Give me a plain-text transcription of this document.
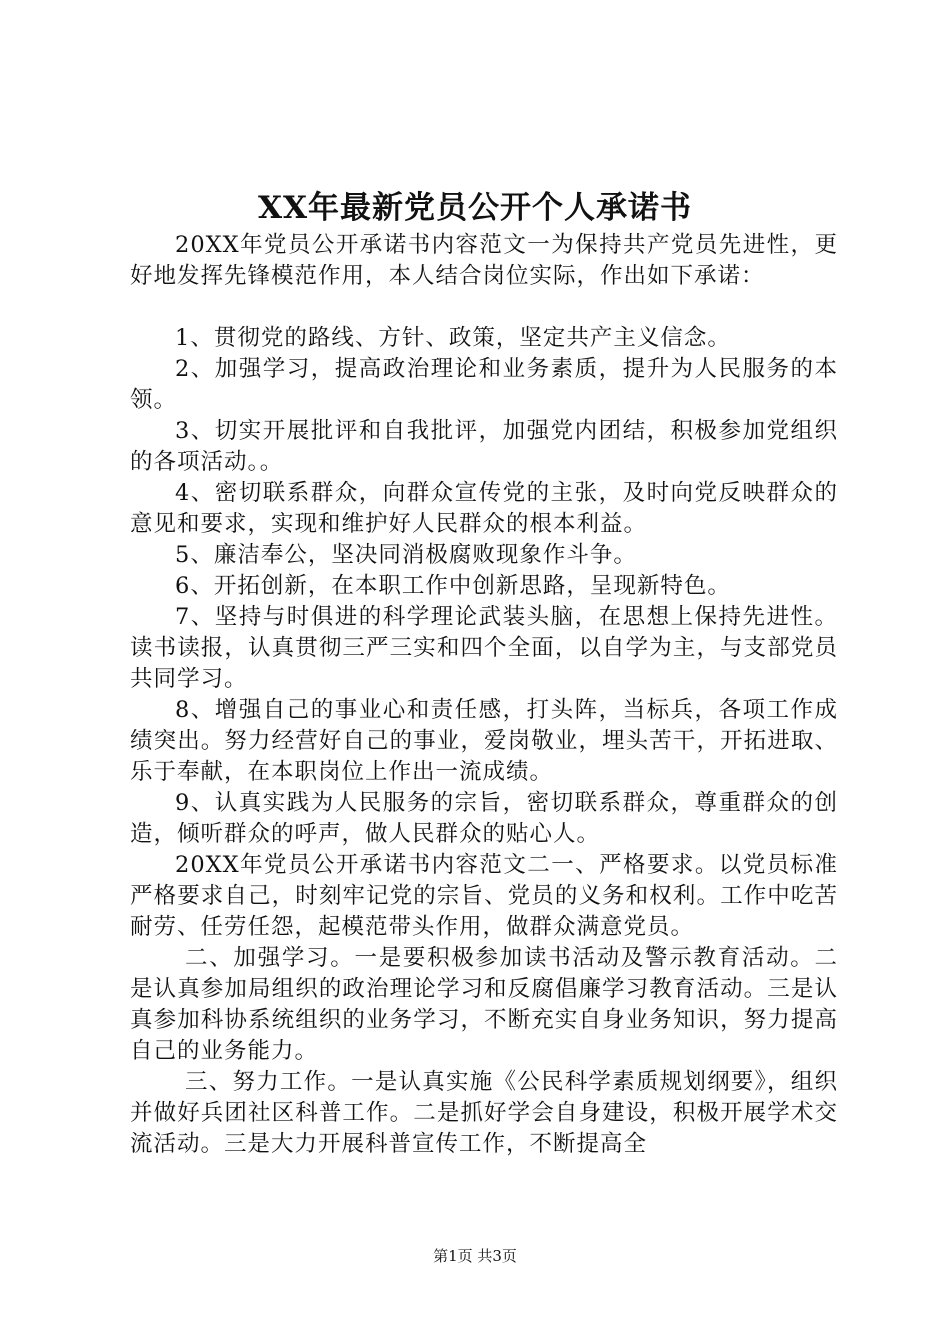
XX年最新党员公开个人承诺书

20XX年党员公开承诺书内容范文一为保持共产党员先进性，更好地发挥先锋模范作用，本人结合岗位实际，作出如下承诺：

1、贯彻党的路线、方针、政策，坚定共产主义信念。

2、加强学习，提高政治理论和业务素质，提升为人民服务的本领。

3、切实开展批评和自我批评，加强党内团结，积极参加党组织的各项活动。。

4、密切联系群众，向群众宣传党的主张，及时向党反映群众的意见和要求，实现和维护好人民群众的根本利益。

5、廉洁奉公，坚决同消极腐败现象作斗争。

6、开拓创新，在本职工作中创新思路，呈现新特色。

7、坚持与时俱进的科学理论武装头脑，在思想上保持先进性。读书读报，认真贯彻三严三实和四个全面，以自学为主，与支部党员共同学习。

8、增强自己的事业心和责任感，打头阵，当标兵，各项工作成绩突出。努力经营好自己的事业，爱岗敬业，埋头苦干，开拓进取、乐于奉献，在本职岗位上作出一流成绩。

9、认真实践为人民服务的宗旨，密切联系群众，尊重群众的创造，倾听群众的呼声，做人民群众的贴心人。

20XX年党员公开承诺书内容范文二一、严格要求。以党员标准严格要求自己，时刻牢记党的宗旨、党员的义务和权利。工作中吃苦耐劳、任劳任怨，起模范带头作用，做群众满意党员。

二、加强学习。一是要积极参加读书活动及警示教育活动。二是认真参加局组织的政治理论学习和反腐倡廉学习教育活动。三是认真参加科协系统组织的业务学习，不断充实自身业务知识，努力提高自己的业务能力。

三、努力工作。一是认真实施《公民科学素质规划纲要》，组织并做好兵团社区科普工作。二是抓好学会自身建设，积极开展学术交流活动。三是大力开展科普宣传工作，不断提高全

第1页 共3页
